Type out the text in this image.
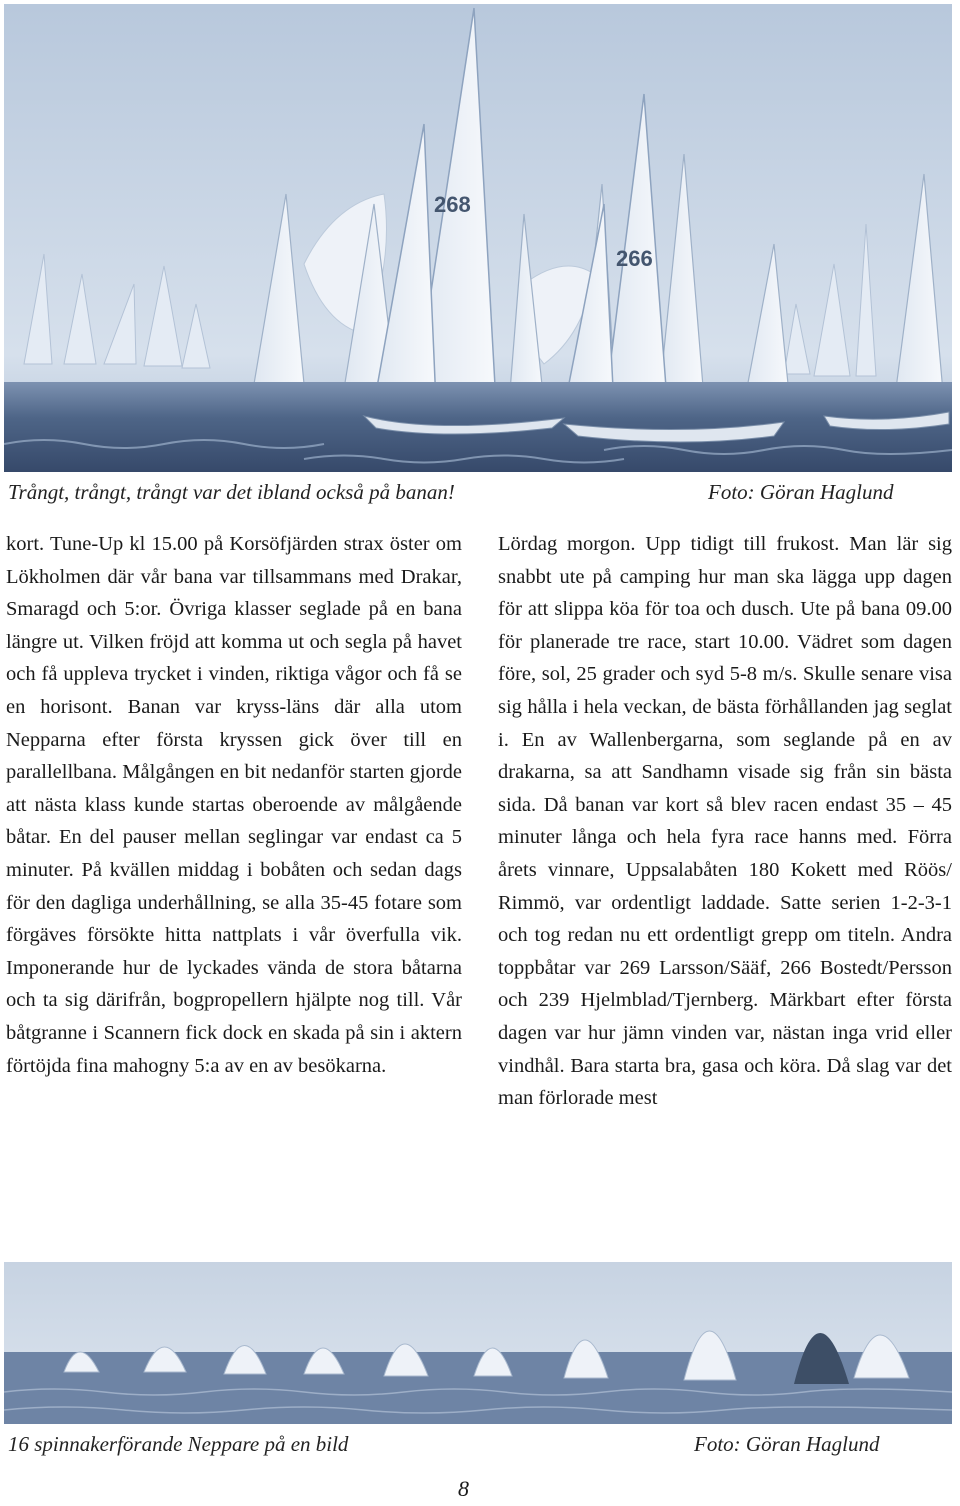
268
266
Trångt, trångt, trångt var det ibland också på banan!	Foto: Göran Haglund

kort. Tune-Up kl 15.00 på Korsöfjärden strax öster om Lökholmen där vår bana var tillsammans med Drakar, Smaragd och 5:or. Övriga klasser seglade på en bana längre ut. Vilken fröjd att komma ut och segla på havet och få uppleva trycket i vinden, riktiga vågor och få se en horisont. Banan var kryss-läns där alla utom Nepparna efter första kryssen gick över till en parallellbana. Målgången en bit nedanför starten gjorde att nästa klass kunde startas oberoende av målgående båtar. En del pauser mellan seglingar var endast ca 5 minuter. På kvällen middag i bobåten och sedan dags för den dagliga underhållning, se alla 35-45 fotare som förgäves försökte hitta nattplats i vår överfulla vik. Imponerande hur de lyckades vända de stora båtarna och ta sig därifrån, bogpropellern hjälpte nog till. Vår båtgranne i Scannern fick dock en skada på sin i aktern förtöjda fina mahogny 5:a av en av besökarna.

Lördag morgon. Upp tidigt till frukost. Man lär sig snabbt ute på camping hur man ska lägga upp dagen för att slippa köa för toa och dusch. Ute på bana 09.00 för planerade tre race, start 10.00. Vädret som dagen före, sol, 25 grader och syd 5-8 m/s. Skulle senare visa sig hålla i hela veckan, de bästa förhållanden jag seglat i. En av Wallenbergarna, som seglande på en av drakarna, sa att Sandhamn visade sig från sin bästa sida. Då banan var kort så blev racen endast 35 – 45 minuter långa och hela fyra race hanns med. Förra årets vinnare, Uppsalabåten 180 Kokett med Röös/ Rimmö, var ordentligt laddade. Satte serien 1-2-3-1 och tog redan nu ett ordentligt grepp om titeln. Andra toppbåtar var 269 Larsson/Sääf, 266 Bostedt/Persson och 239 Hjelmblad/Tjernberg. Märkbart efter första dagen var hur jämn vinden var, nästan inga vrid eller vindhål. Bara starta bra, gasa och köra. Då slag var det man förlorade mest

16 spinnakerförande Neppare på en bild	Foto: Göran Haglund
8
